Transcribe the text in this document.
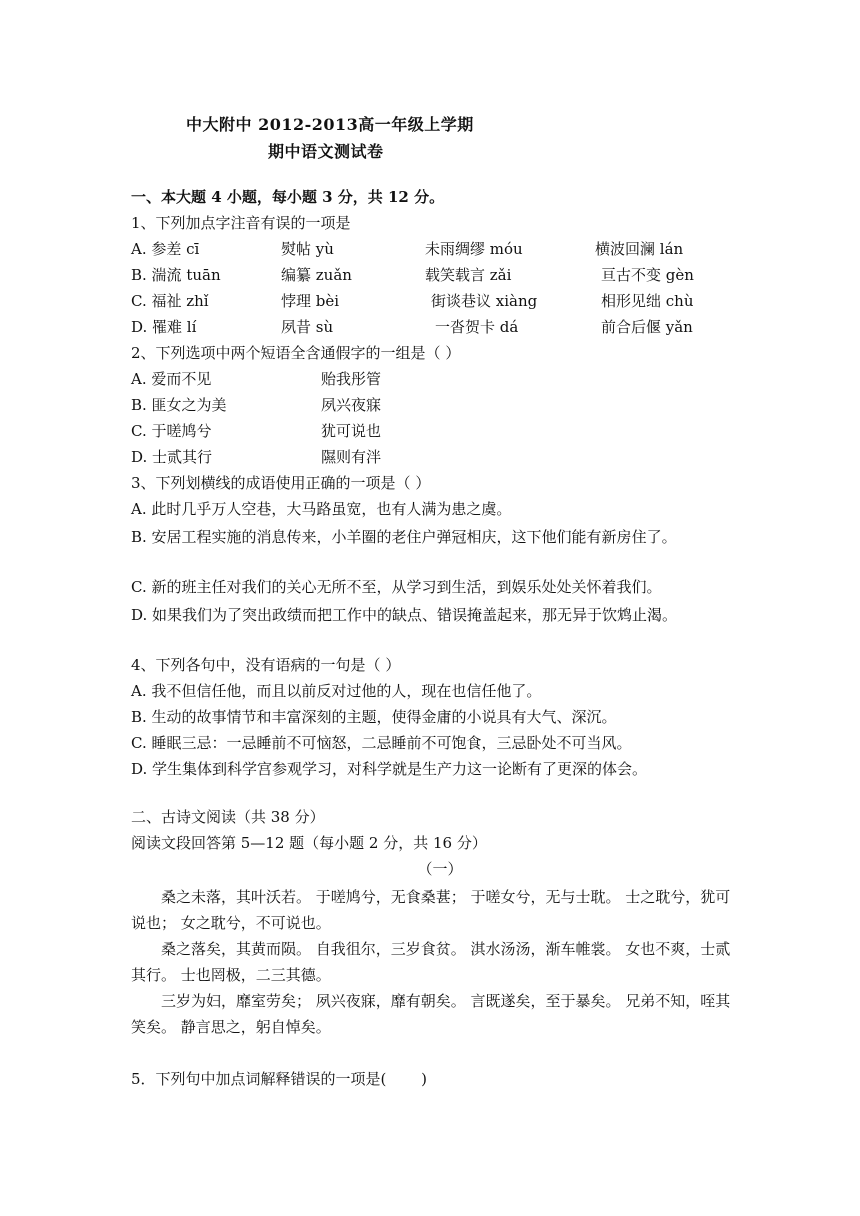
中大附中 2012-2013高一年级上学期
期中语文测试卷
一、本大题 4 小题，每小题 3 分，共 12 分。
1、下列加点字注音有误的一项是
A. 参差 cī	熨帖 yù	未雨绸缪 móu	横波回澜 lán
B. 湍流 tuān	编纂 zuǎn	载笑载言 zǎi	亘古不变 gèn
C. 福祉 zhǐ	悖理 bèi	街谈巷议 xiàng	相形见绌 chù
D. 罹难 lí	夙昔 sù	一沓贺卡 dá	前合后偃 yǎn
2、下列选项中两个短语全含通假字的一组是（ ）
A. 爱而不见	贻我彤管
B. 匪女之为美	夙兴夜寐
C. 于嗟鸠兮	犹可说也
D. 士贰其行	隰则有泮
3、下列划横线的成语使用正确的一项是（ ）
A. 此时几乎万人空巷，大马路虽宽，也有人满为患之虞。
B. 安居工程实施的消息传来，小羊圈的老住户弹冠相庆，这下他们能有新房住了。
C. 新的班主任对我们的关心无所不至，从学习到生活，到娱乐处处关怀着我们。
D. 如果我们为了突出政绩而把工作中的缺点、错误掩盖起来，那无异于饮鸩止渴。
4、下列各句中，没有语病的一句是（ ）
A. 我不但信任他，而且以前反对过他的人，现在也信任他了。
B. 生动的故事情节和丰富深刻的主题，使得金庸的小说具有大气、深沉。
C. 睡眠三忌：一忌睡前不可恼怒，二忌睡前不可饱食，三忌卧处不可当风。
D. 学生集体到科学宫参观学习，对科学就是生产力这一论断有了更深的体会。
二、古诗文阅读（共 38 分）
阅读文段回答第 5—12 题（每小题 2 分，共 16 分）
（一）
桑之未落，其叶沃若。 于嗟鸠兮，无食桑葚； 于嗟女兮，无与士耽。 士之耽兮，犹可说也； 女之耽兮，不可说也。
桑之落矣，其黄而陨。 自我徂尔，三岁食贫。 淇水汤汤，渐车帷裳。 女也不爽，士贰其行。 士也罔极，二三其德。
三岁为妇，靡室劳矣； 夙兴夜寐，靡有朝矣。 言既遂矣，至于暴矣。 兄弟不知，咥其笑矣。 静言思之，躬自悼矣。
5．下列句中加点词解释错误的一项是(　　 )
